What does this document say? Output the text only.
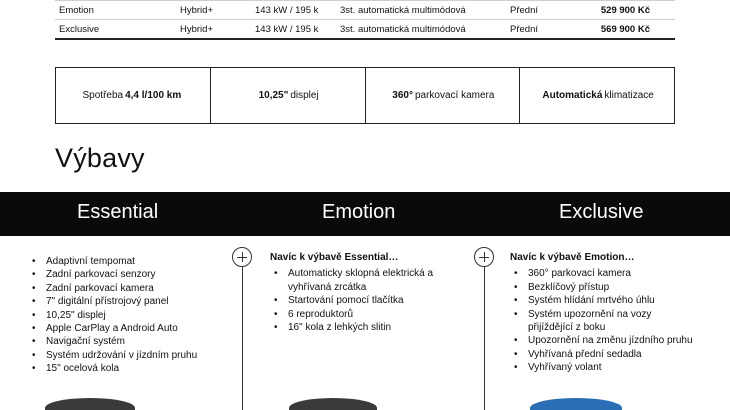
Emotion	Hybrid+	143 kW / 195 k 3st. automatická multimódová	Přední	529 900 Kč
Exclusive	Hybrid+	143 kW / 195 k 3st. automatická multimódová	Přední	569 900 Kč
Spotřeba 4,4 l/100 km	10,25" displej	360° parkovací kamera	Automatická klimatizace
Výbavy
Essential	Emotion	Exclusive
• Adaptivní tempomat
• Zadní parkovací senzory
• Zadní parkovací kamera
• 7" digitální přístrojový panel
• 10,25" displej
• Apple CarPlay a Android Auto
• Navigační systém
• Systém udržování v jízdním pruhu
• 15" ocelová kola
Navíc k výbavě Essential…
• Automaticky sklopná elektrická a vyhřívaná zrcátka
• Startování pomocí tlačítka
• 6 reproduktorů
• 16" kola z lehkých slitin
Navíc k výbavě Emotion…
• 360° parkovací kamera
• Bezklíčový přístup
• Systém hlídání mrtvého úhlu
• Systém upozornění na vozy přijíždějící z boku
• Upozornění na změnu jízdního pruhu
• Vyhřívaná přední sedadla
• Vyhřívaný volant
